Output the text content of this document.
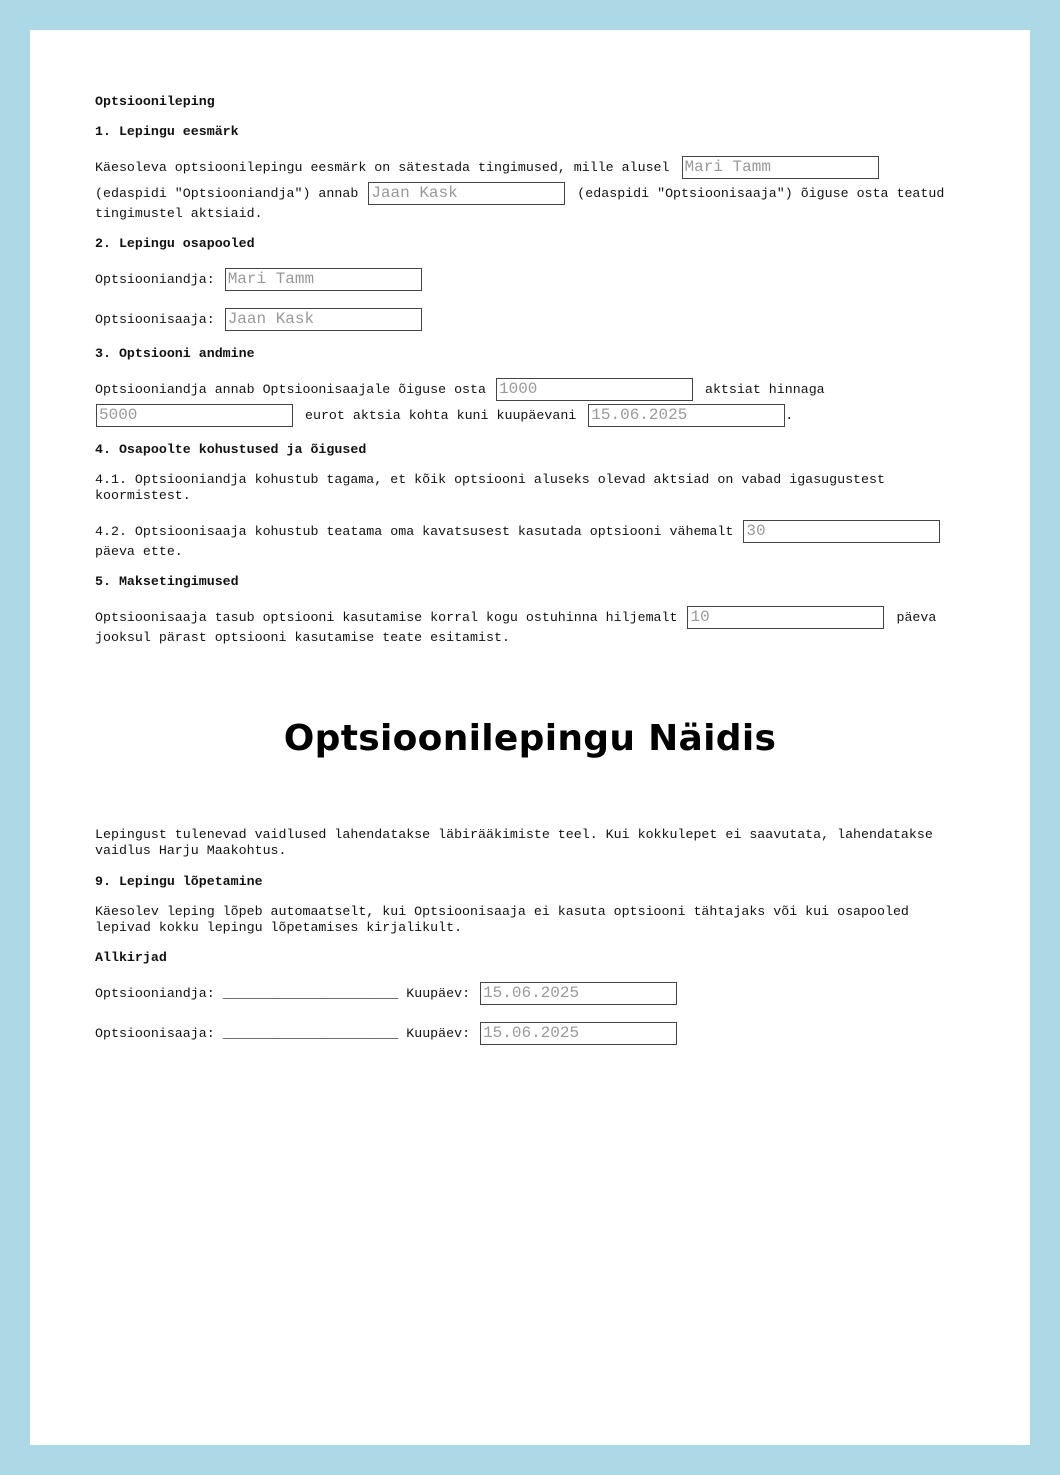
Optsioonileping

1. Lepingu eesmärk

Käesoleva optsioonilepingu eesmärk on sätestada tingimused, mille alusel Mari Tamm
(edaspidi "Optsiooniandja") annab Jaan Kask	(edaspidi "Optsioonisaaja") õiguse osta teatud

tingimustel aktsiaid.

2. Lepingu osapooled

Optsiooniandja: Mari Tamm
Optsioonisaaja: Jaan Kask

3. Optsiooni andmine

Optsiooniandja annab Optsioonisaajale õiguse osta 1000	aktsiat hinnaga
5000	eurot aktsia kohta kuni kuupäevani 15.06.2025	.

4. Osapoolte kohustused ja õigused

4.1. Optsiooniandja kohustub tagama, et kõik optsiooni aluseks olevad aktsiad on vabad igasugustest koormistest.

4.2. Optsioonisaaja kohustub teatama oma kavatsusest kasutada optsiooni vähemalt 30

päeva ette.

5. Maksetingimused

Optsioonisaaja tasub optsiooni kasutamise korral kogu ostuhinna hiljemalt 10	päeva

jooksul pärast optsiooni kasutamise teate esitamist.

Lepingust tulenevad vaidlused lahendatakse läbirääkimiste teel. Kui kokkulepet ei saavutata, lahendatakse vaidlus Harju Maakohtus.

9. Lepingu lõpetamine

Käesolev leping lõpeb automaatselt, kui Optsioonisaaja ei kasuta optsiooni tähtajaks või kui osapooled lepivad kokku lepingu lõpetamises kirjalikult.

Allkirjad

Optsiooniandja: ______________________ Kuupäev: 15.06.2025
Optsioonisaaja: ______________________ Kuupäev: 15.06.2025
Optsioonilepingu Näidis
